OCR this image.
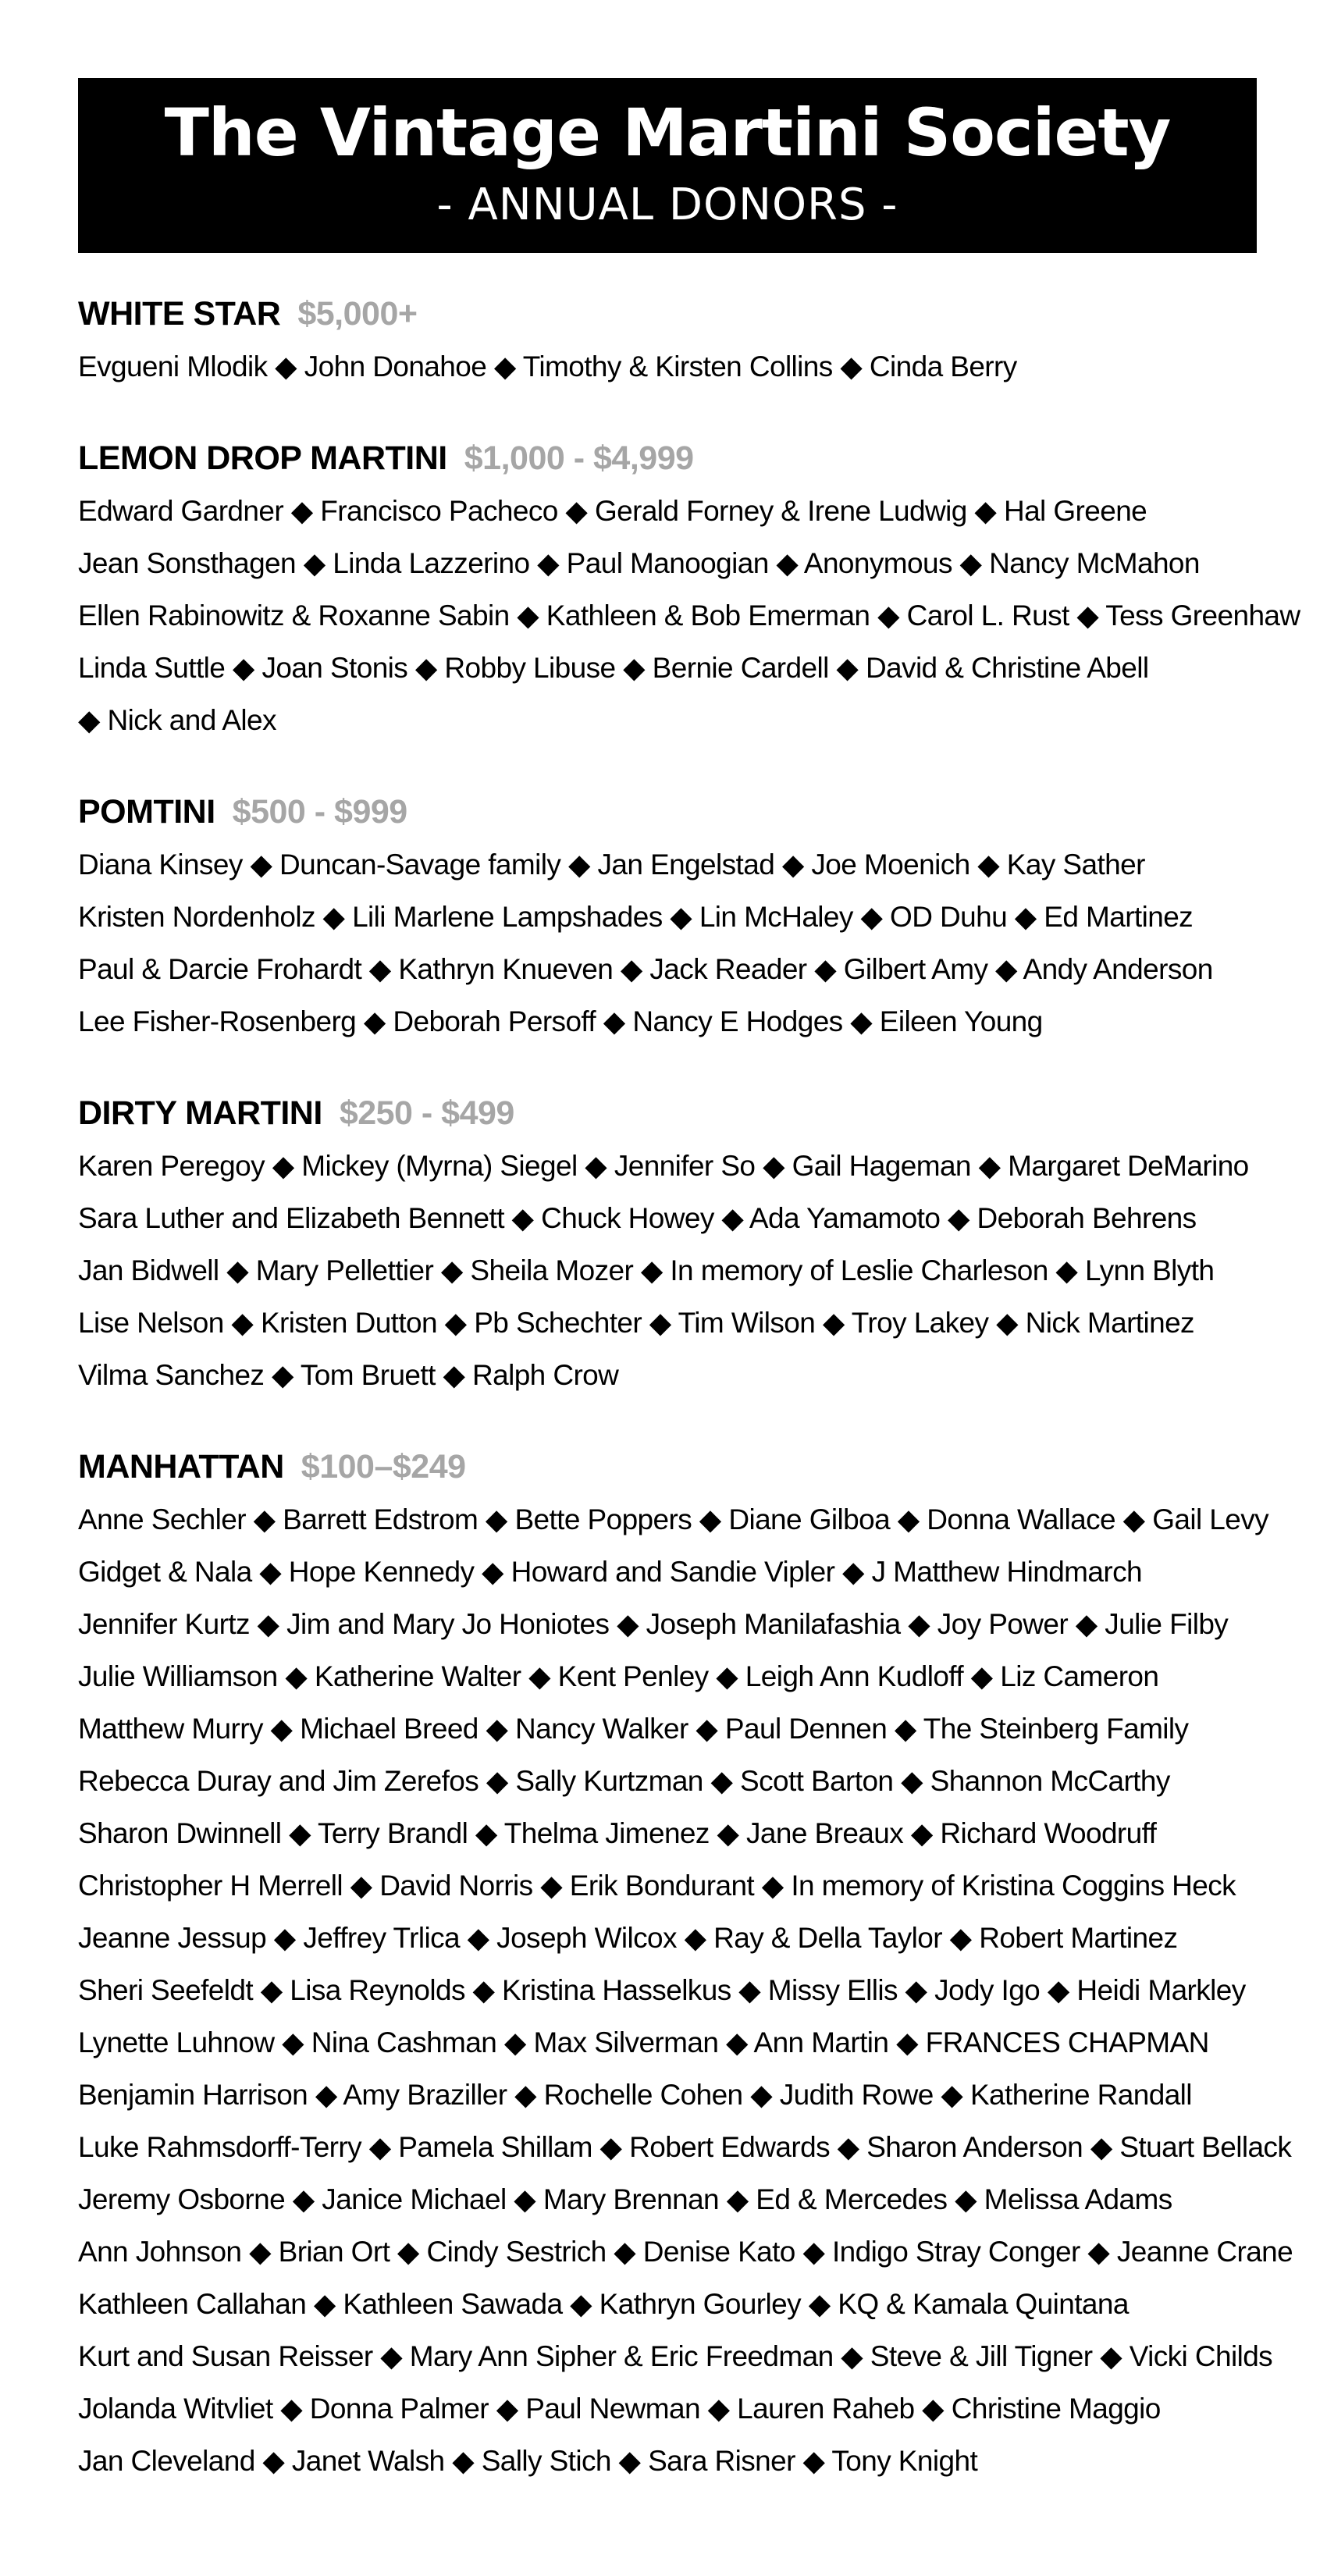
The Vintage Martini Society
- ANNUAL DONORS -
WHITE STAR $5,000+
Evgueni Mlodik ◆ John Donahoe ◆ Timothy & Kirsten Collins ◆ Cinda Berry
LEMON DROP MARTINI $1,000 - $4,999
Edward Gardner ◆ Francisco Pacheco ◆ Gerald Forney & Irene Ludwig ◆ Hal Greene
Jean Sonsthagen ◆ Linda Lazzerino ◆ Paul Manoogian ◆ Anonymous ◆ Nancy McMahon
Ellen Rabinowitz & Roxanne Sabin ◆ Kathleen & Bob Emerman ◆ Carol L. Rust ◆ Tess Greenhaw
Linda Suttle ◆ Joan Stonis ◆ Robby Libuse ◆ Bernie Cardell ◆ David & Christine Abell
◆ Nick and Alex
POMTINI $500 - $999
Diana Kinsey ◆ Duncan-Savage family ◆ Jan Engelstad ◆ Joe Moenich ◆ Kay Sather
Kristen Nordenholz ◆ Lili Marlene Lampshades ◆ Lin McHaley ◆ OD Duhu ◆ Ed Martinez
Paul & Darcie Frohardt ◆ Kathryn Knueven ◆ Jack Reader ◆ Gilbert Amy ◆ Andy Anderson
Lee Fisher-Rosenberg ◆ Deborah Persoff ◆ Nancy E Hodges ◆ Eileen Young
DIRTY MARTINI $250 - $499
Karen Peregoy ◆ Mickey (Myrna) Siegel ◆ Jennifer So ◆ Gail Hageman ◆ Margaret DeMarino
Sara Luther and Elizabeth Bennett ◆ Chuck Howey ◆ Ada Yamamoto ◆ Deborah Behrens
Jan Bidwell ◆ Mary Pellettier ◆ Sheila Mozer ◆ In memory of Leslie Charleson ◆ Lynn Blyth
Lise Nelson ◆ Kristen Dutton ◆ Pb Schechter ◆ Tim Wilson ◆ Troy Lakey ◆ Nick Martinez
Vilma Sanchez ◆ Tom Bruett ◆ Ralph Crow
MANHATTAN $100–$249
Anne Sechler ◆ Barrett Edstrom ◆ Bette Poppers ◆ Diane Gilboa ◆ Donna Wallace ◆ Gail Levy
Gidget & Nala ◆ Hope Kennedy ◆ Howard and Sandie Vipler ◆ J Matthew Hindmarch
Jennifer Kurtz ◆ Jim and Mary Jo Honiotes ◆ Joseph Manilafashia ◆ Joy Power ◆ Julie Filby
Julie Williamson ◆ Katherine Walter ◆ Kent Penley ◆ Leigh Ann Kudloff ◆ Liz Cameron
Matthew Murry ◆ Michael Breed ◆ Nancy Walker ◆ Paul Dennen ◆ The Steinberg Family
Rebecca Duray and Jim Zerefos ◆ Sally Kurtzman ◆ Scott Barton ◆ Shannon McCarthy
Sharon Dwinnell ◆ Terry Brandl ◆ Thelma Jimenez ◆ Jane Breaux ◆ Richard Woodruff
Christopher H Merrell ◆ David Norris ◆ Erik Bondurant ◆ In memory of Kristina Coggins Heck
Jeanne Jessup ◆ Jeffrey Trlica ◆ Joseph Wilcox ◆ Ray & Della Taylor ◆ Robert Martinez
Sheri Seefeldt ◆ Lisa Reynolds ◆ Kristina Hasselkus ◆ Missy Ellis ◆ Jody Igo ◆ Heidi Markley
Lynette Luhnow ◆ Nina Cashman ◆ Max Silverman ◆ Ann Martin ◆ FRANCES CHAPMAN
Benjamin Harrison ◆ Amy Braziller ◆ Rochelle Cohen ◆ Judith Rowe ◆ Katherine Randall
Luke Rahmsdorff-Terry ◆ Pamela Shillam ◆ Robert Edwards ◆ Sharon Anderson ◆ Stuart Bellack
Jeremy Osborne ◆ Janice Michael ◆ Mary Brennan ◆ Ed & Mercedes ◆ Melissa Adams
Ann Johnson ◆ Brian Ort ◆ Cindy Sestrich ◆ Denise Kato ◆ Indigo Stray Conger ◆ Jeanne Crane
Kathleen Callahan ◆ Kathleen Sawada ◆ Kathryn Gourley ◆ KQ & Kamala Quintana
Kurt and Susan Reisser ◆ Mary Ann Sipher & Eric Freedman ◆ Steve & Jill Tigner ◆ Vicki Childs
Jolanda Witvliet ◆ Donna Palmer ◆ Paul Newman ◆ Lauren Raheb ◆ Christine Maggio
Jan Cleveland ◆ Janet Walsh ◆ Sally Stich ◆ Sara Risner ◆ Tony Knight
